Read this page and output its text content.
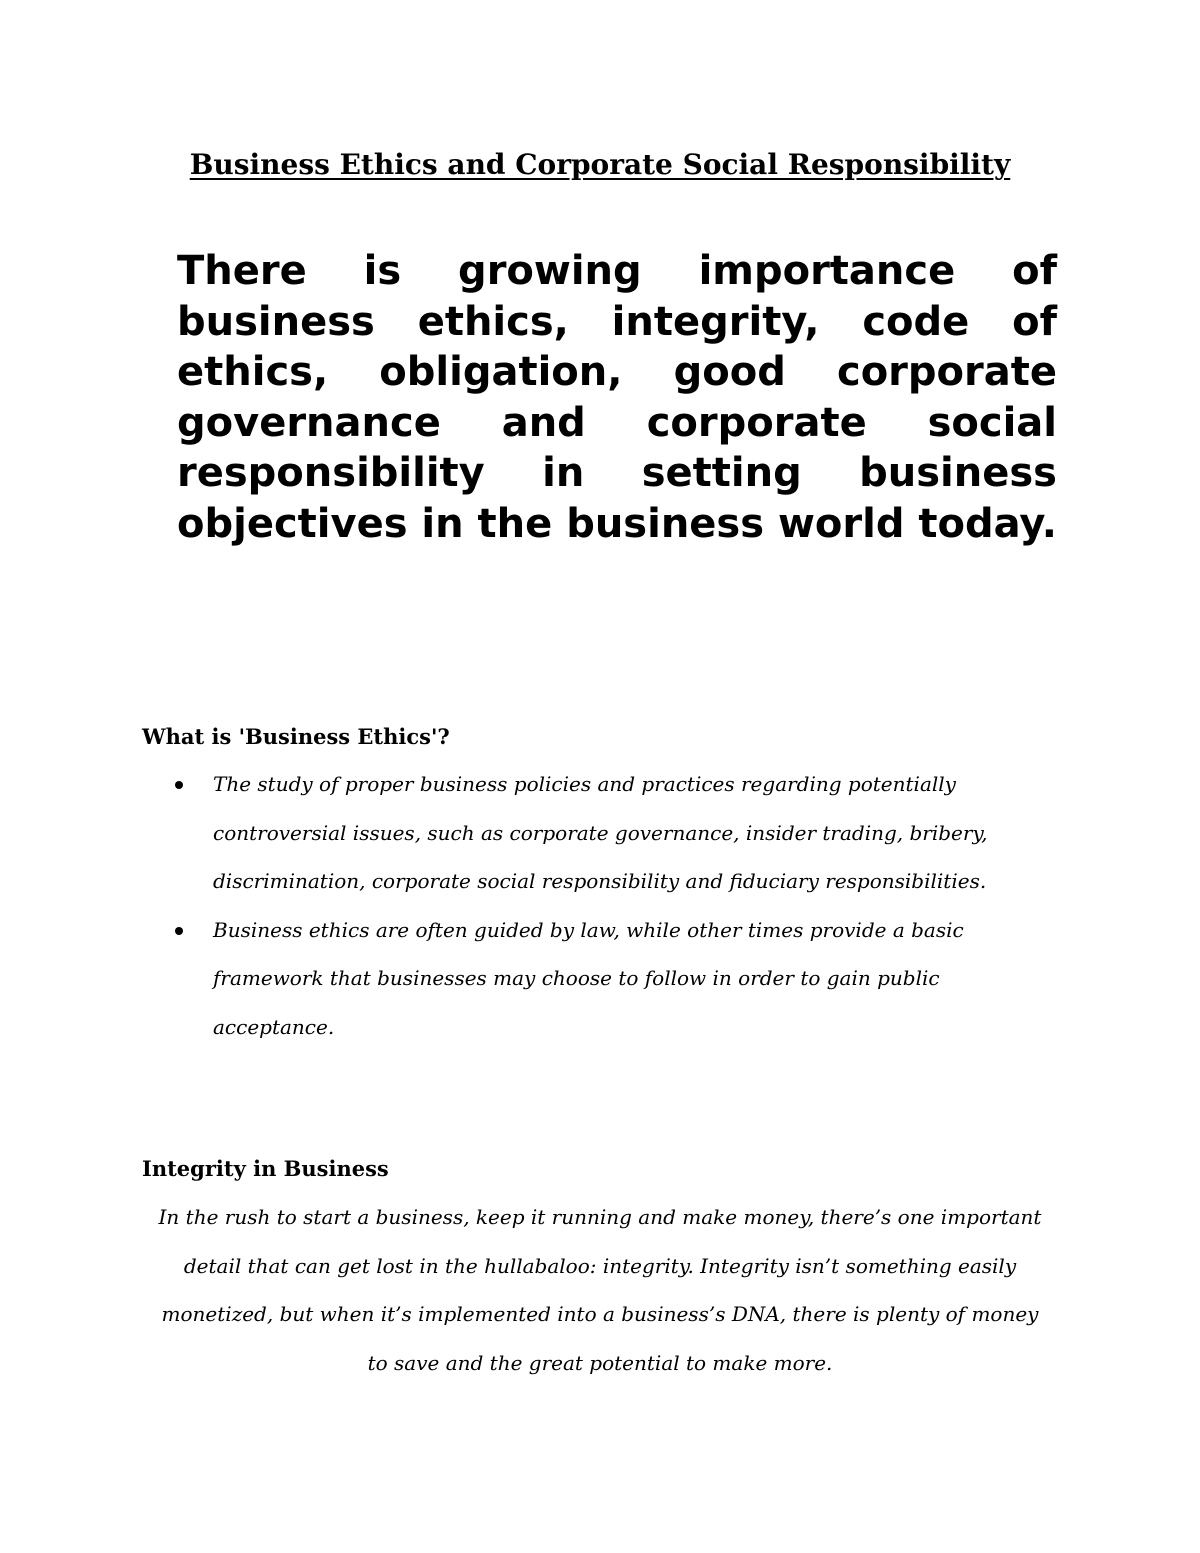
Business Ethics and Corporate Social Responsibility

There is growing importance of business ethics, integrity, code of ethics, obligation, good corporate governance and corporate social responsibility in setting business objectives in the business world today.

What is 'Business Ethics'?
The study of proper business policies and practices regarding potentially controversial issues, such as corporate governance, insider trading, bribery, discrimination, corporate social responsibility and fiduciary responsibilities.
Business ethics are often guided by law, while other times provide a basic framework that businesses may choose to follow in order to gain public acceptance.
Integrity in Business

In the rush to start a business, keep it running and make money, there’s one important detail that can get lost in the hullabaloo: integrity. Integrity isn’t something easily monetized, but when it’s implemented into a business’s DNA, there is plenty of money to save and the great potential to make more.
